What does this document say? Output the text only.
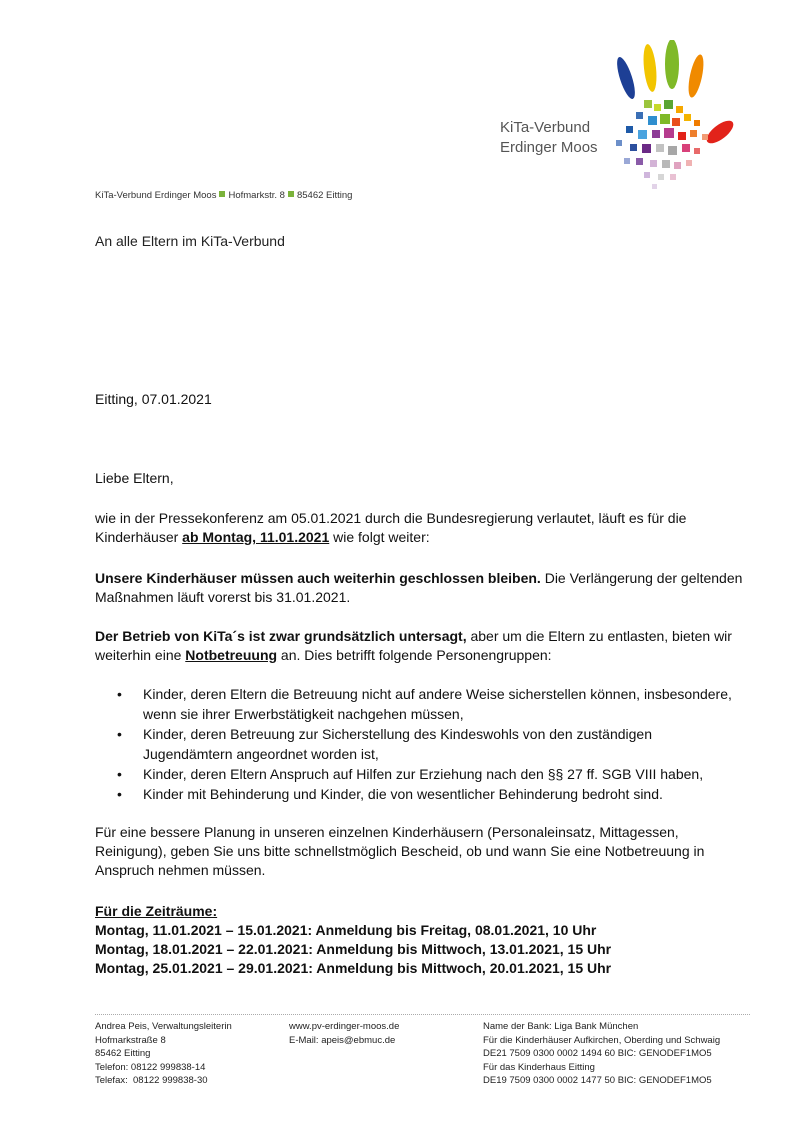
KiTa-Verbund
Erdinger Moos
KiTa-Verbund Erdinger Moos Hofmarkstr. 8 85462 Eitting
An alle Eltern im KiTa-Verbund
Eitting, 07.01.2021
Liebe Eltern,
wie in der Pressekonferenz am 05.01.2021 durch die Bundesregierung verlautet, läuft es für die Kinderhäuser ab Montag, 11.01.2021 wie folgt weiter:
Unsere Kinderhäuser müssen auch weiterhin geschlossen bleiben. Die Verlängerung der geltenden Maßnahmen läuft vorerst bis 31.01.2021.
Der Betrieb von KiTa´s ist zwar grundsätzlich untersagt, aber um die Eltern zu entlasten, bieten wir weiterhin eine Notbetreuung an. Dies betrifft folgende Personengruppen:
• Kinder, deren Eltern die Betreuung nicht auf andere Weise sicherstellen können, insbesondere, wenn sie ihrer Erwerbstätigkeit nachgehen müssen,
• Kinder, deren Betreuung zur Sicherstellung des Kindeswohls von den zuständigen Jugendämtern angeordnet worden ist,
• Kinder, deren Eltern Anspruch auf Hilfen zur Erziehung nach den §§ 27 ff. SGB VIII haben,
• Kinder mit Behinderung und Kinder, die von wesentlicher Behinderung bedroht sind.
Für eine bessere Planung in unseren einzelnen Kinderhäusern (Personaleinsatz, Mittagessen, Reinigung), geben Sie uns bitte schnellstmöglich Bescheid, ob und wann Sie eine Notbetreuung in Anspruch nehmen müssen.
Für die Zeiträume:
Montag, 11.01.2021 – 15.01.2021: Anmeldung bis Freitag, 08.01.2021, 10 Uhr
Montag, 18.01.2021 – 22.01.2021: Anmeldung bis Mittwoch, 13.01.2021, 15 Uhr
Montag, 25.01.2021 – 29.01.2021: Anmeldung bis Mittwoch, 20.01.2021, 15 Uhr
Andrea Peis, Verwaltungsleiterin
Hofmarkstraße 8
85462 Eitting
Telefon: 08122 999838-14
Telefax:  08122 999838-30
www.pv-erdinger-moos.de
E-Mail: apeis@ebmuc.de
Name der Bank: Liga Bank München
Für die Kinderhäuser Aufkirchen, Oberding und Schwaig
DE21 7509 0300 0002 1494 60 BIC: GENODEF1MO5
Für das Kinderhaus Eitting
DE19 7509 0300 0002 1477 50 BIC: GENODEF1MO5
